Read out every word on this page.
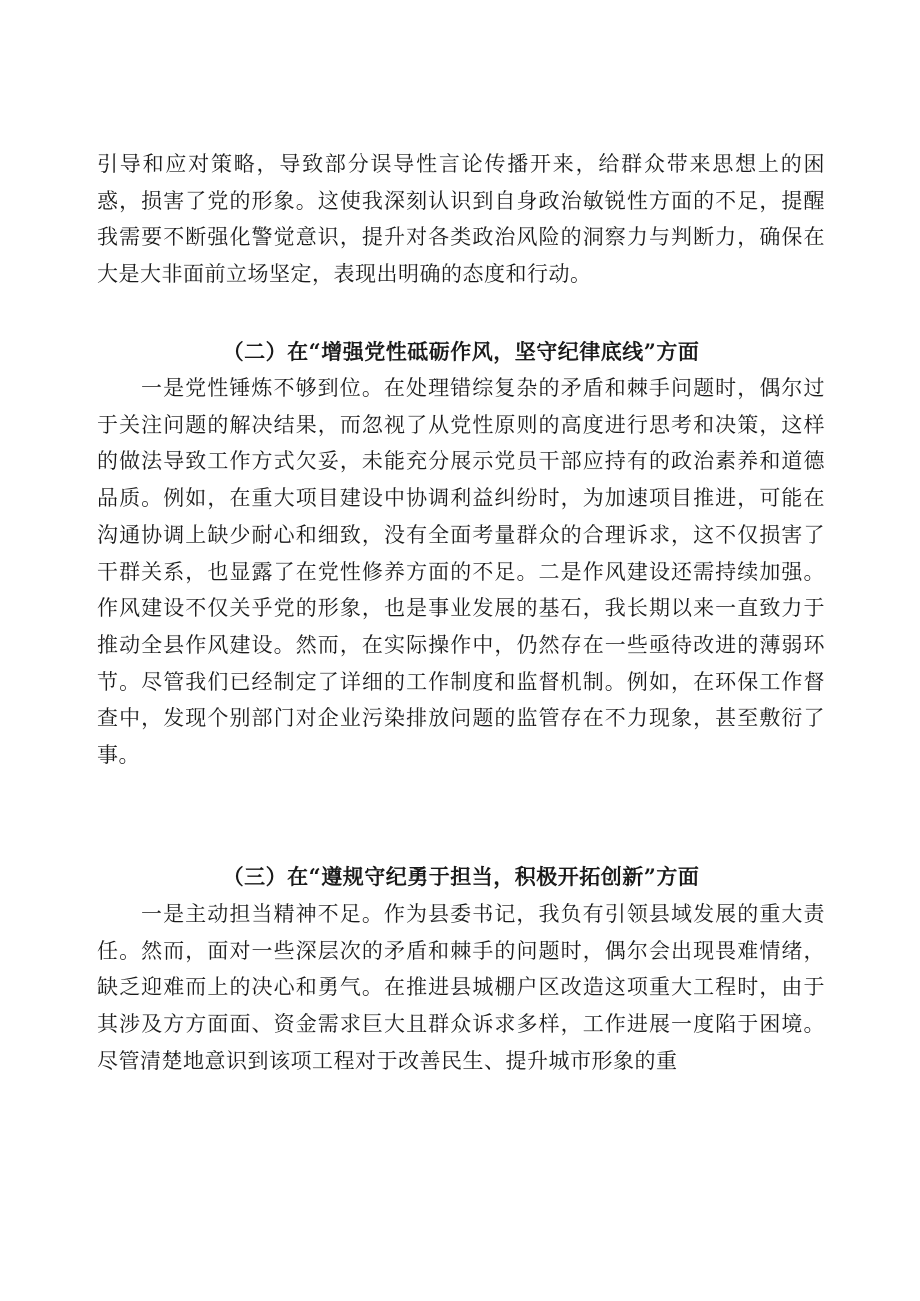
引导和应对策略，导致部分误导性言论传播开来，给群众带来思想上的困惑，损害了党的形象。这使我深刻认识到自身政治敏锐性方面的不足，提醒我需要不断强化警觉意识，提升对各类政治风险的洞察力与判断力，确保在大是大非面前立场坚定，表现出明确的态度和行动。

（二）在“增强党性砥砺作风，坚守纪律底线”方面

一是党性锤炼不够到位。在处理错综复杂的矛盾和棘手问题时，偶尔过于关注问题的解决结果，而忽视了从党性原则的高度进行思考和决策，这样的做法导致工作方式欠妥，未能充分展示党员干部应持有的政治素养和道德品质。例如，在重大项目建设中协调利益纠纷时，为加速项目推进，可能在沟通协调上缺少耐心和细致，没有全面考量群众的合理诉求，这不仅损害了干群关系，也显露了在党性修养方面的不足。二是作风建设还需持续加强。作风建设不仅关乎党的形象，也是事业发展的基石，我长期以来一直致力于推动全县作风建设。然而，在实际操作中，仍然存在一些亟待改进的薄弱环节。尽管我们已经制定了详细的工作制度和监督机制。例如，在环保工作督查中，发现个别部门对企业污染排放问题的监管存在不力现象，甚至敷衍了事。

（三）在“遵规守纪勇于担当，积极开拓创新”方面

一是主动担当精神不足。作为县委书记，我负有引领县域发展的重大责任。然而，面对一些深层次的矛盾和棘手的问题时，偶尔会出现畏难情绪，缺乏迎难而上的决心和勇气。在推进县城棚户区改造这项重大工程时，由于其涉及方方面面、资金需求巨大且群众诉求多样，工作进展一度陷于困境。尽管清楚地意识到该项工程对于改善民生、提升城市形象的重
